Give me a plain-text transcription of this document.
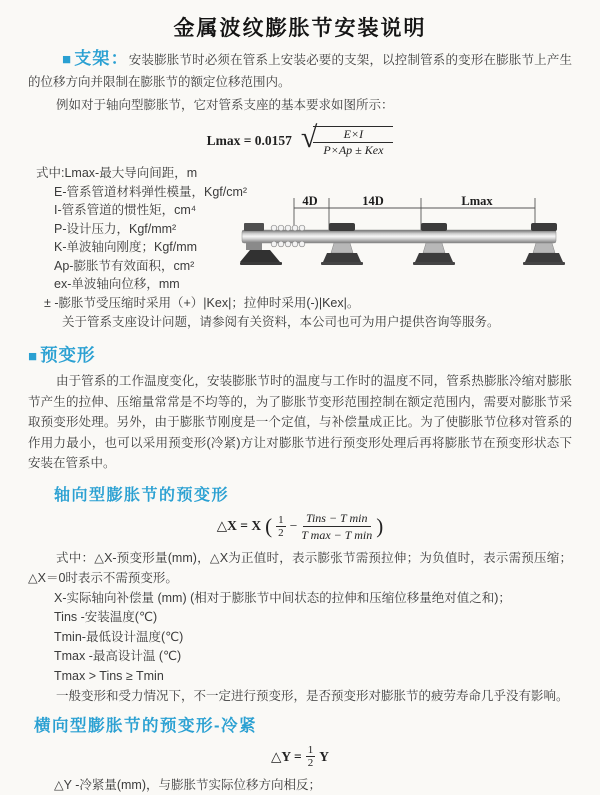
金属波纹膨胀节安装说明

■ 支架：安装膨胀节时必须在管系上安装必要的支架，以控制管系的变形在膨胀节上产生的位移方向并限制在膨胀节的额定位移范围内。

例如对于轴向型膨胀节，它对管系支座的基本要求如图所示：

Lmax = 0.0157 √
$\frac{E\times I}{\text{P×Ap ± Kex}}$
式中:Lmax-最大导向间距，m
E-管系管道材料弹性模量，Kgf/cm²
I-管系管道的惯性矩，cm⁴
P-设计压力，Kgf/mm²
K-单波轴向刚度；Kgf/mm
Ap-膨胀节有效面积，cm²
ex-单波轴向位移，mm
± -膨胀节受压缩时采用（+）|Kex|；拉伸时采用(-)|Kex|。
关于管系支座设计问题，请参阅有关资料，本公司也可为用户提供咨询等服务。
4D	14D	Lmax
■ 预变形

由于管系的工作温度变化，安装膨胀节时的温度与工作时的温度不同，管系热膨胀冷缩对膨胀节产生的拉伸、压缩量常常是不均等的，为了膨胀节变形范围控制在额定范围内，需要对膨胀节采取预变形处理。另外，由于膨胀节刚度是一个定值，与补偿量成正比。为了使膨胀节位移对管系的作用力最小，也可以采用预变形(冷紧)方让对膨胀节进行预变形处理后再将膨胀节在预变形状态下安装在管系中。

轴向型膨胀节的预变形
△X = X ( $\frac{1}{2} - \frac{\text{Tins − T min}}{\text{T max − T min}}$ )

式中：△X-预变形量(mm)，△X为正值时，表示膨张节需预拉伸；为负值时，表示需预压缩；△X＝0时表示不需预变形。

X-实际轴向补偿量 (mm) (相对于膨胀节中间状态的拉伸和压缩位移量绝对值之和)；
Tins -安装温度(℃)
Tmin-最低设计温度(℃)
Tmax -最高设计温 (℃)
Tmax > Tins ≥ Tmin

一般变形和受力情况下，不一定进行预变形，是否预变形对膨胀节的疲劳寿命几乎没有影响。

横向型膨胀节的预变形-冷紧
△Y = $\frac{1}{2}$ Y
△Y -冷紧量(mm)，与膨胀节实际位移方向相反；
